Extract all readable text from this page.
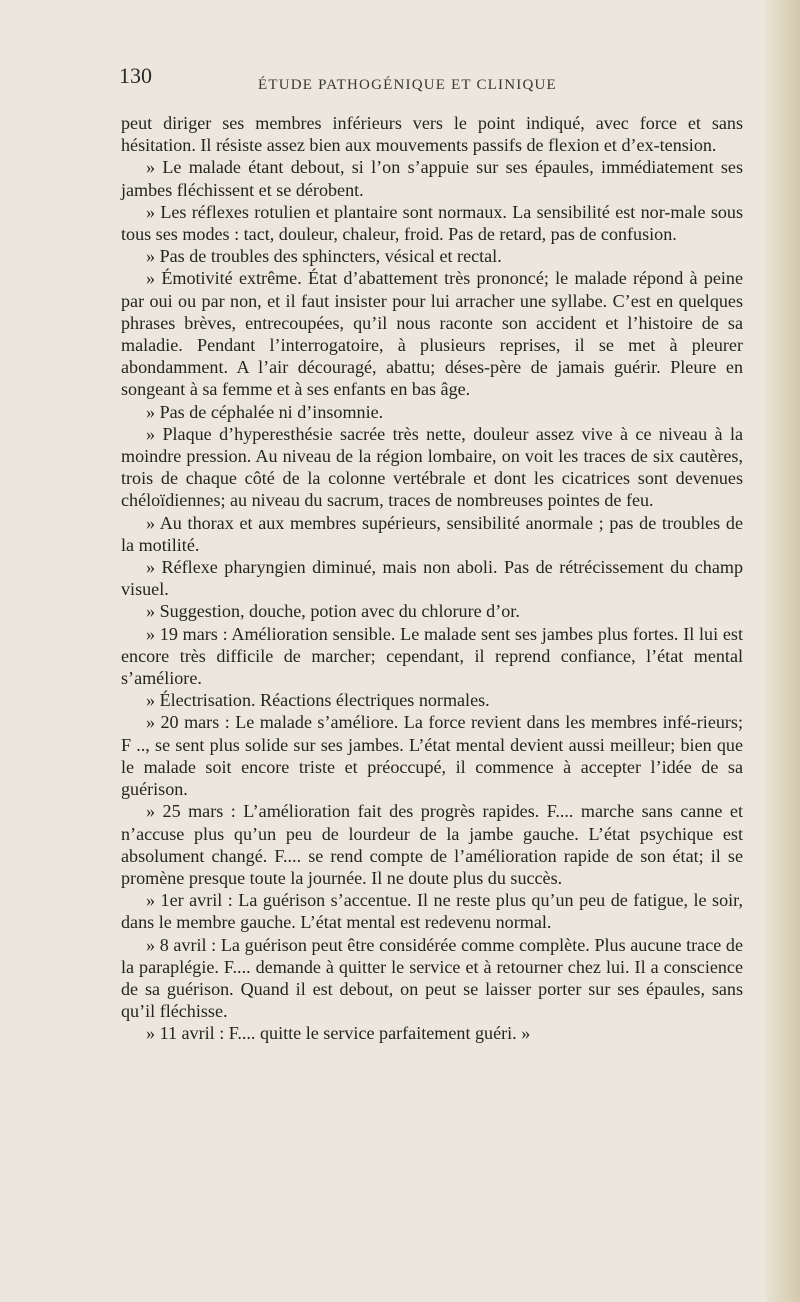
130	ÉTUDE PATHOGÉNIQUE ET CLINIQUE

peut diriger ses membres inférieurs vers le point indiqué, avec force et sans hésitation. Il résiste assez bien aux mouvements passifs de flexion et d’ex-tension.

» Le malade étant debout, si l’on s’appuie sur ses épaules, immédiatement ses jambes fléchissent et se dérobent.

» Les réflexes rotulien et plantaire sont normaux. La sensibilité est nor-male sous tous ses modes : tact, douleur, chaleur, froid. Pas de retard, pas de confusion.

» Pas de troubles des sphincters, vésical et rectal.

» Émotivité extrême. État d’abattement très prononcé; le malade répond à peine par oui ou par non, et il faut insister pour lui arracher une syllabe. C’est en quelques phrases brèves, entrecoupées, qu’il nous raconte son accident et l’histoire de sa maladie. Pendant l’interrogatoire, à plusieurs reprises, il se met à pleurer abondamment. A l’air découragé, abattu; déses-père de jamais guérir. Pleure en songeant à sa femme et à ses enfants en bas âge.

» Pas de céphalée ni d’insomnie.

» Plaque d’hyperesthésie sacrée très nette, douleur assez vive à ce niveau à la moindre pression. Au niveau de la région lombaire, on voit les traces de six cautères, trois de chaque côté de la colonne vertébrale et dont les cicatrices sont devenues chéloïdiennes; au niveau du sacrum, traces de nombreuses pointes de feu.

» Au thorax et aux membres supérieurs, sensibilité anormale ; pas de troubles de la motilité.

» Réflexe pharyngien diminué, mais non aboli. Pas de rétrécissement du champ visuel.

» Suggestion, douche, potion avec du chlorure d’or.

» 19 mars : Amélioration sensible. Le malade sent ses jambes plus fortes. Il lui est encore très difficile de marcher; cependant, il reprend confiance, l’état mental s’améliore.

» Électrisation. Réactions électriques normales.

» 20 mars : Le malade s’améliore. La force revient dans les membres infé-rieurs; F .., se sent plus solide sur ses jambes. L’état mental devient aussi meilleur; bien que le malade soit encore triste et préoccupé, il commence à accepter l’idée de sa guérison.

» 25 mars : L’amélioration fait des progrès rapides. F.... marche sans canne et n’accuse plus qu’un peu de lourdeur de la jambe gauche. L’état psychique est absolument changé. F.... se rend compte de l’amélioration rapide de son état; il se promène presque toute la journée. Il ne doute plus du succès.

» 1er avril : La guérison s’accentue. Il ne reste plus qu’un peu de fatigue, le soir, dans le membre gauche. L’état mental est redevenu normal.

» 8 avril : La guérison peut être considérée comme complète. Plus aucune trace de la paraplégie. F.... demande à quitter le service et à retourner chez lui. Il a conscience de sa guérison. Quand il est debout, on peut se laisser porter sur ses épaules, sans qu’il fléchisse.

» 11 avril : F.... quitte le service parfaitement guéri. »
